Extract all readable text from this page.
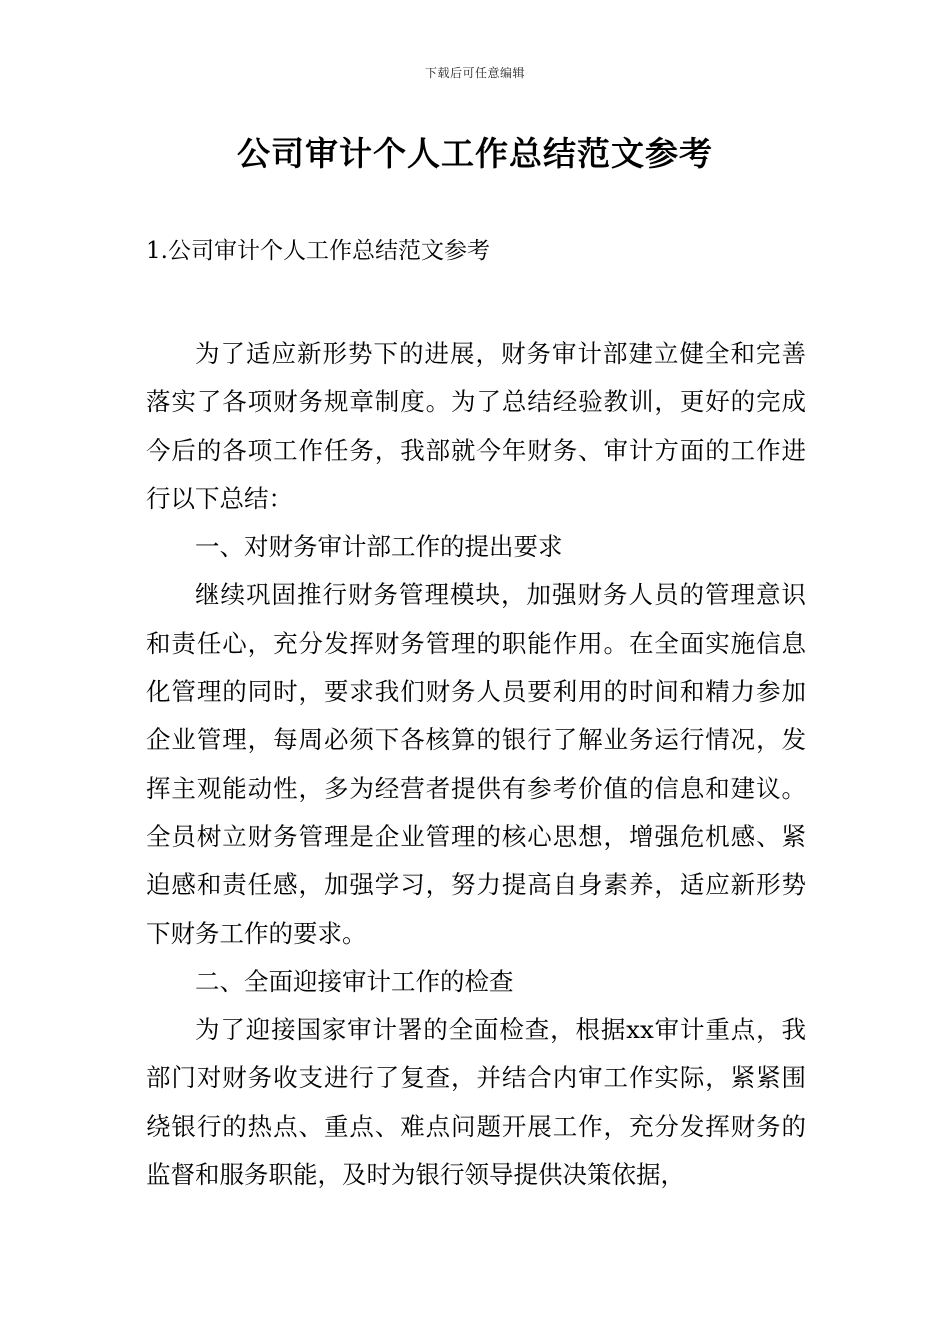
下载后可任意编辑
公司审计个人工作总结范文参考
1.公司审计个人工作总结范文参考

为了适应新形势下的进展，财务审计部建立健全和完善落实了各项财务规章制度。为了总结经验教训，更好的完成今后的各项工作任务，我部就今年财务、审计方面的工作进行以下总结：

一、对财务审计部工作的提出要求

继续巩固推行财务管理模块，加强财务人员的管理意识和责任心，充分发挥财务管理的职能作用。在全面实施信息化管理的同时，要求我们财务人员要利用的时间和精力参加企业管理，每周必须下各核算的银行了解业务运行情况，发挥主观能动性，多为经营者提供有参考价值的信息和建议。全员树立财务管理是企业管理的核心思想，增强危机感、紧迫感和责任感，加强学习，努力提高自身素养，适应新形势下财务工作的要求。

二、全面迎接审计工作的检查

为了迎接国家审计署的全面检查，根据xx审计重点，我部门对财务收支进行了复查，并结合内审工作实际，紧紧围绕银行的热点、重点、难点问题开展工作，充分发挥财务的监督和服务职能，及时为银行领导提供决策依据，
